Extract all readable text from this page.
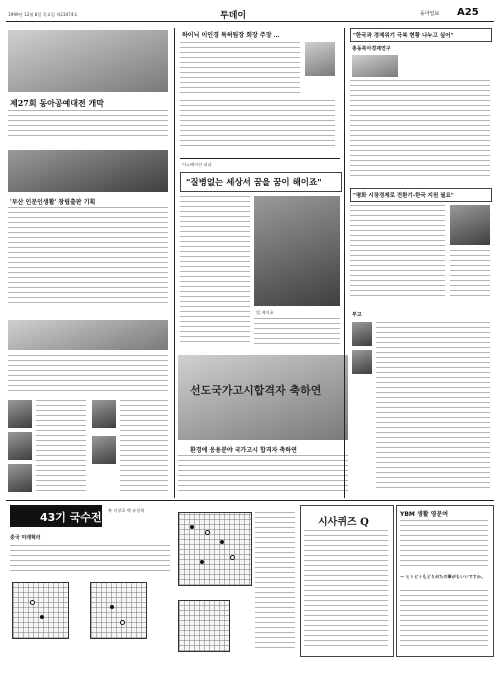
1999년 12월 8일 목요일 제23474호	투데이	동아일보 A25
제27회 동아공예대전 개막
'부산 인문인생활' 창립출판 기획
하이닉 이인경 특허팀장 회장 주장 …
이노베이션 리더
"질병없는 세상서 꿈을 꿈이 해이죠"
빌 게이츠
선도국가고시합격자 축하연
환경에 응용분야 국가고시 합격자 축하연
"한국과 경제위기 극복 현황 나누고 싶어"
총동북아경제연구
"평화 시장경제로 전환기-한국 지원 필요"
부고
43기 국수전
흑 이창호 백 유창혁
중국 미래혁터
시사퀴즈 Q
YBM 생활 영문여
— ヒトビトもどりがたの事がもいいですか。
